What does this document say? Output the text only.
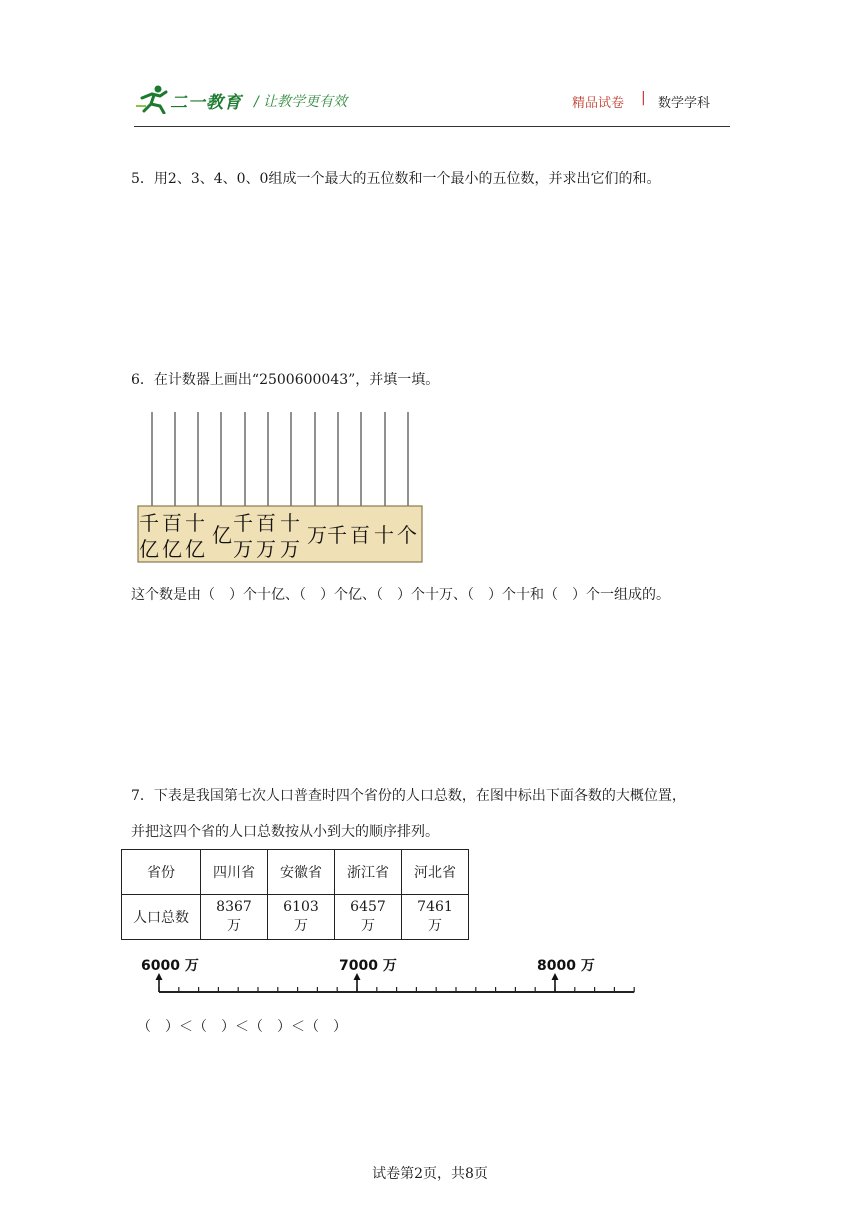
二一教育 / 让教学更有效	精品试卷 | 数学学科
5．用2、3、4、0、0组成一个最大的五位数和一个最小的五位数，并求出它们的和。
6．在计数器上画出“2500600043”，并填一填。
千
亿
百
亿
十
亿
亿 千
万
百
万
十
万
万 千 百 十 个
这个数是由（　）个十亿、（　）个亿、（　）个十万、（　）个十和（　）个一组成的。
7．下表是我国第七次人口普查时四个省份的人口总数，在图中标出下面各数的大概位置，
并把这四个省的人口总数按从小到大的顺序排列。
省份	四川省	安徽省	浙江省	河北省
人口总数	8367 万	6103 万	6457 万	7461 万
6000 万	7000 万	8000 万
（　）＜（　）＜（　）＜（　）
试卷第2页，共8页
